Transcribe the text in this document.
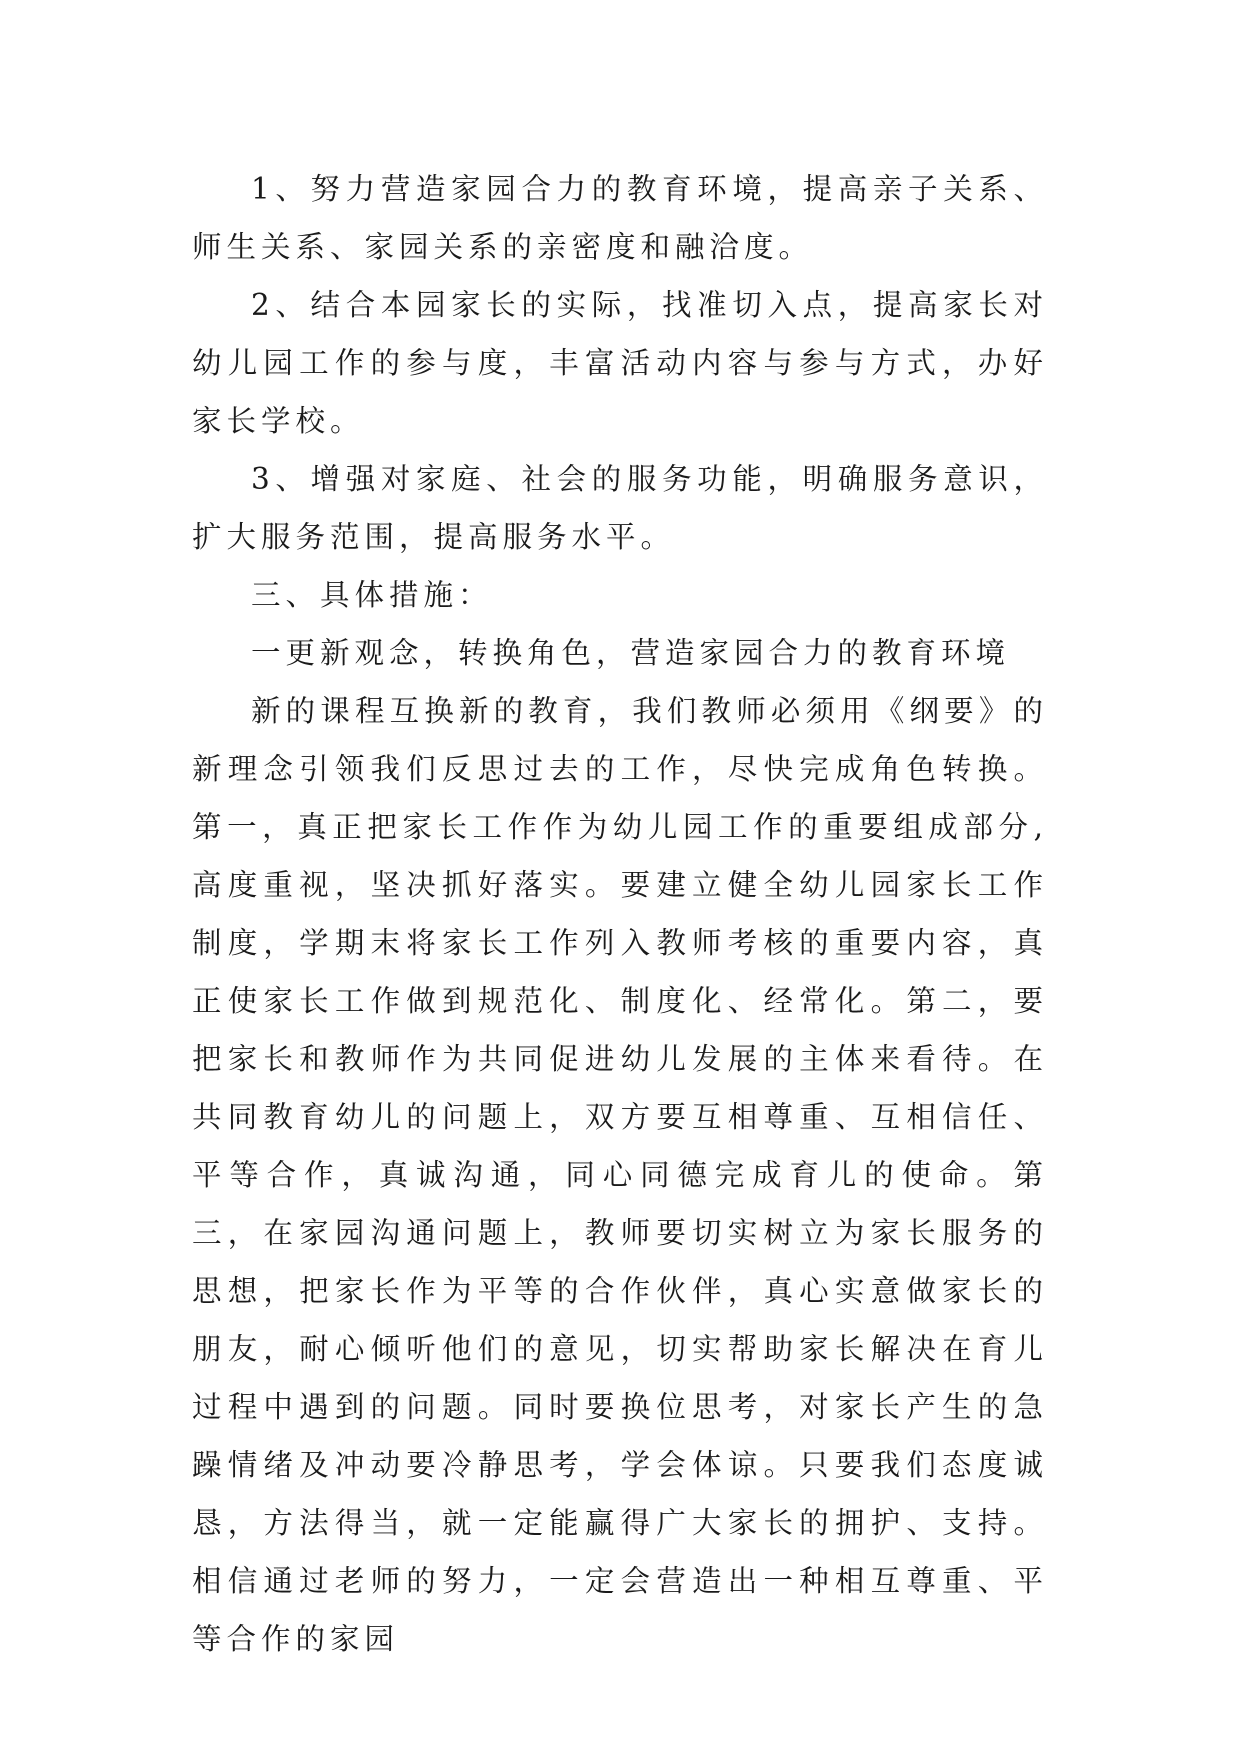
1、努力营造家园合力的教育环境，提高亲子关系、师生关系、家园关系的亲密度和融洽度。

2、结合本园家长的实际，找准切入点，提高家长对幼儿园工作的参与度，丰富活动内容与参与方式，办好家长学校。

3、增强对家庭、社会的服务功能，明确服务意识，扩大服务范围，提高服务水平。

三、具体措施：

一更新观念，转换角色，营造家园合力的教育环境

新的课程互换新的教育，我们教师必须用《纲要》的新理念引领我们反思过去的工作，尽快完成角色转换。第一，真正把家长工作作为幼儿园工作的重要组成部分,高度重视，坚决抓好落实。要建立健全幼儿园家长工作制度，学期末将家长工作列入教师考核的重要内容，真正使家长工作做到规范化、制度化、经常化。第二，要把家长和教师作为共同促进幼儿发展的主体来看待。在共同教育幼儿的问题上，双方要互相尊重、互相信任、平等合作，真诚沟通，同心同德完成育儿的使命。第三，在家园沟通问题上，教师要切实树立为家长服务的思想，把家长作为平等的合作伙伴，真心实意做家长的朋友，耐心倾听他们的意见，切实帮助家长解决在育儿过程中遇到的问题。同时要换位思考，对家长产生的急躁情绪及冲动要冷静思考，学会体谅。只要我们态度诚恳，方法得当，就一定能赢得广大家长的拥护、支持。相信通过老师的努力，一定会营造出一种相互尊重、平等合作的家园
